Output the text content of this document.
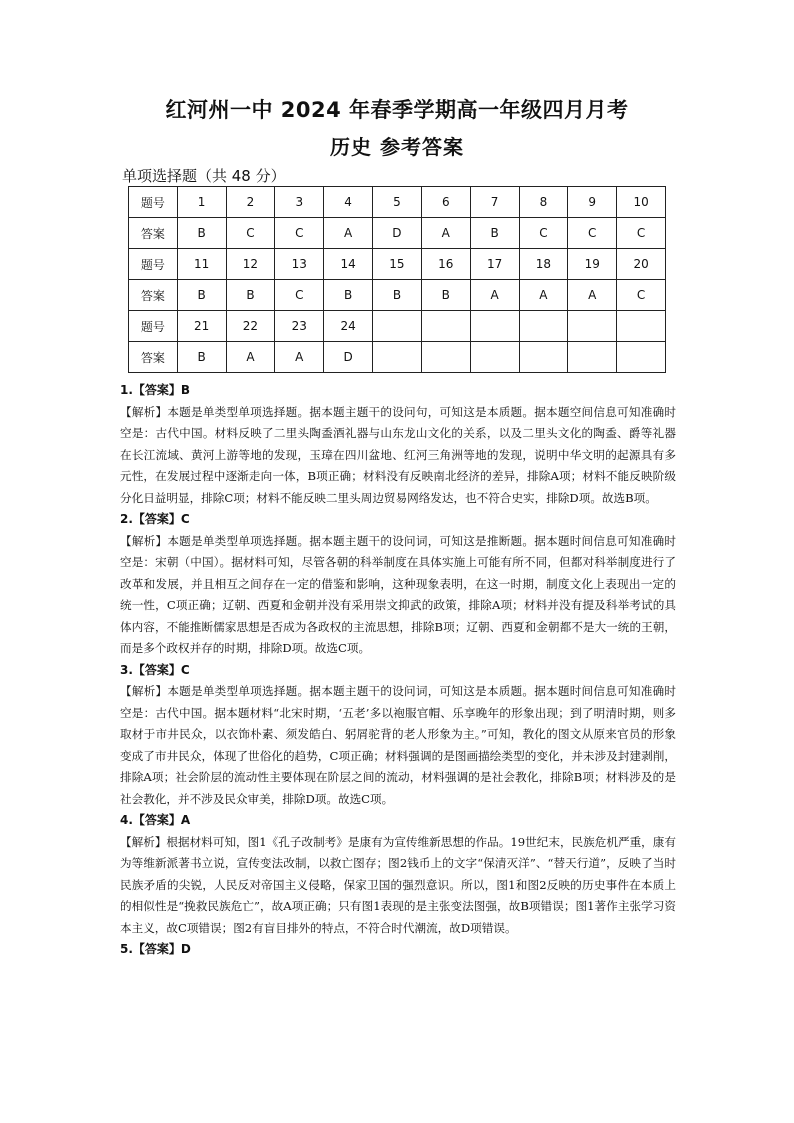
红河州一中 2024 年春季学期高一年级四月月考
历史 参考答案
单项选择题（共 48 分）
题号	1	2	3	4	5	6	7	8	9	10
答案	B	C	C	A	D	A	B	C	C	C
题号	11	12	13	14	15	16	17	18	19	20
答案	B	B	C	B	B	B	A	A	A	C
题号	21	22	23	24						
答案	B	A	A	D						

1.【答案】B

【解析】本题是单类型单项选择题。据本题主题干的设问句，可知这是本质题。据本题空间信息可知准确时空是：古代中国。材料反映了二里头陶盉酒礼器与山东龙山文化的关系，以及二里头文化的陶盉、爵等礼器在长江流域、黄河上游等地的发现，玉璋在四川盆地、红河三角洲等地的发现，说明中华文明的起源具有多元性，在发展过程中逐渐走向一体，B项正确；材料没有反映南北经济的差异，排除A项；材料不能反映阶级分化日益明显，排除C项；材料不能反映二里头周边贸易网络发达，也不符合史实，排除D项。故选B项。

2.【答案】C

【解析】本题是单类型单项选择题。据本题主题干的设问词，可知这是推断题。据本题时间信息可知准确时空是：宋朝（中国）。据材料可知，尽管各朝的科举制度在具体实施上可能有所不同，但都对科举制度进行了改革和发展，并且相互之间存在一定的借鉴和影响，这种现象表明，在这一时期，制度文化上表现出一定的统一性，C项正确；辽朝、西夏和金朝并没有采用崇文抑武的政策，排除A项；材料并没有提及科举考试的具体内容，不能推断儒家思想是否成为各政权的主流思想，排除B项；辽朝、西夏和金朝都不是大一统的王朝，而是多个政权并存的时期，排除D项。故选C项。

3.【答案】C

【解析】本题是单类型单项选择题。据本题主题干的设问词，可知这是本质题。据本题时间信息可知准确时空是：古代中国。据本题材料“北宋时期，‘五老’多以袍服官帽、乐享晚年的形象出现；到了明清时期，则多取材于市井民众，以衣饰朴素、须发皓白、躬屑驼背的老人形象为主。”可知，教化的图文从原来官员的形象变成了市井民众，体现了世俗化的趋势，C项正确；材料强调的是图画描绘类型的变化，并未涉及封建剥削，排除A项；社会阶层的流动性主要体现在阶层之间的流动，材料强调的是社会教化，排除B项；材料涉及的是社会教化，并不涉及民众审美，排除D项。故选C项。

4.【答案】A

【解析】根据材料可知，图1《孔子改制考》是康有为宣传维新思想的作品。19世纪末，民族危机严重，康有为等维新派著书立说，宣传变法改制，以救亡图存；图2钱币上的文字“保清灭洋”、“替天行道”，反映了当时民族矛盾的尖锐，人民反对帝国主义侵略，保家卫国的强烈意识。所以，图1和图2反映的历史事件在本质上的相似性是“挽救民族危亡”，故A项正确；只有图1表现的是主张变法图强，故B项错误；图1著作主张学习资本主义，故C项错误；图2有盲目排外的特点，不符合时代潮流，故D项错误。

5.【答案】D
